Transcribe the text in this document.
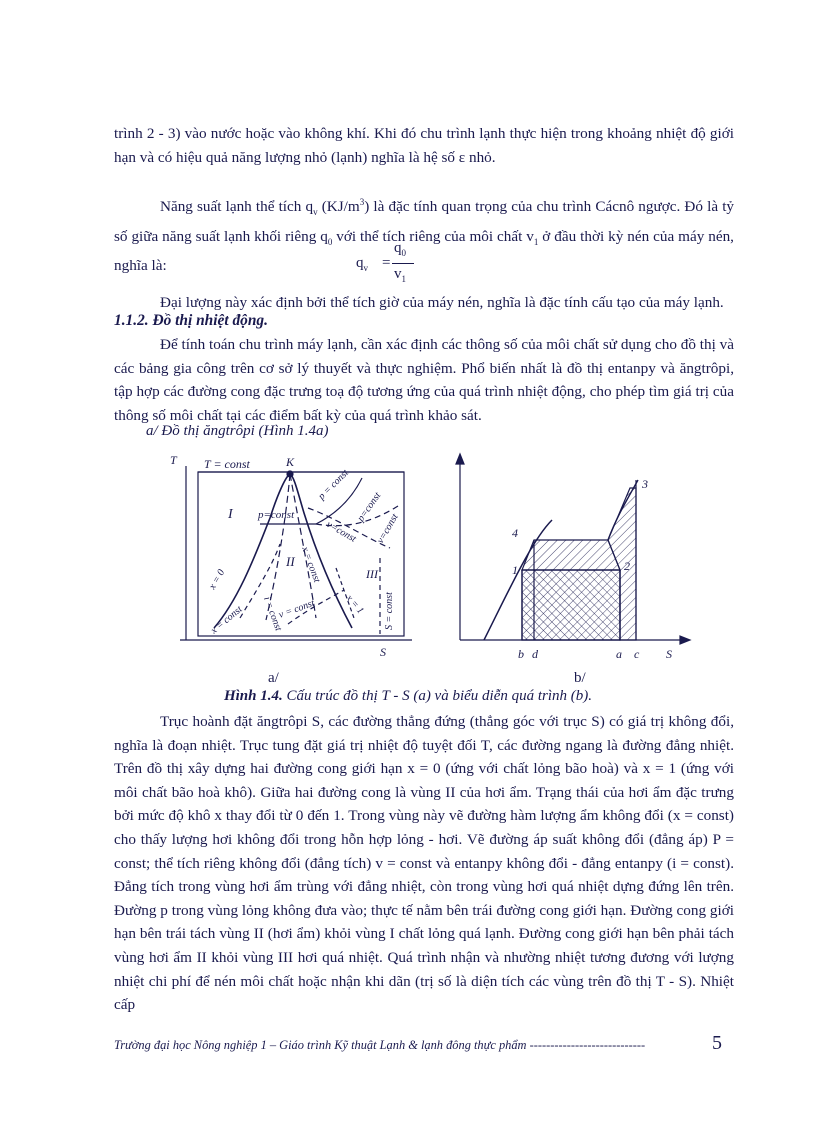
trình 2 - 3) vào nước hoặc vào không khí. Khi đó chu trình lạnh thực hiện trong khoảng nhiệt độ giới hạn và có hiệu quả năng lượng nhỏ (lạnh) nghĩa là hệ số ε nhỏ.
Năng suất lạnh thể tích $q_v$ $(KJ/m^3)$ là đặc tính quan trọng của chu trình Cácnô ngược. Đó là tỷ số giữa năng suất lạnh khối riêng $q_0$ với thể tích riêng của môi chất $v_1$ ở đầu thời kỳ nén của máy nén, nghĩa là:	$q_v$ =
$q_0$
$v_1$
Đại lượng này xác định bởi thể tích giờ của máy nén, nghĩa là đặc tính cấu tạo của máy lạnh.
1.1.2. Đồ thị nhiệt động.
Để tính toán chu trình máy lạnh, cần xác định các thông số của môi chất sử dụng cho đồ thị và các bảng gia công trên cơ sở lý thuyết và thực nghiệm. Phổ biến nhất là đồ thị entanpy và ăngtrôpi, tập hợp các đường cong đặc trưng toạ độ tương ứng của quá trình nhiệt động, cho phép tìm giá trị của thông số môi chất tại các điểm bất kỳ của quá trình khảo sát.
a/ Đồ thị ăngtrôpi (Hình 1.4a)
T
S
T = const	K
I
II
III
p=const
p = const
p=const
v=const v=const
x = 0
x = const
x = const
i = const
v = const	x = 1 S = const
4
1	2
3
b d	a c S
a/	b/
Hình 1.4. Cấu trúc đồ thị T - S (a) và biểu diễn quá trình (b).
Trục hoành đặt ăngtrôpi S, các đường thẳng đứng (thẳng góc với trục S) có giá trị không đổi, nghĩa là đoạn nhiệt. Trục tung đặt giá trị nhiệt độ tuyệt đối T, các đường ngang là đường đẳng nhiệt. Trên đồ thị xây dựng hai đường cong giới hạn x = 0 (ứng với chất lỏng bão hoà) và x = 1 (ứng với môi chất bão hoà khô). Giữa hai đường cong là vùng II của hơi ẩm. Trạng thái của hơi ẩm đặc trưng bởi mức độ khô x thay đổi từ 0 đến 1. Trong vùng này vẽ đường hàm lượng ẩm không đổi (x = const) cho thấy lượng hơi không đổi trong hỗn hợp lỏng - hơi. Vẽ đường áp suất không đổi (đẳng áp) P = const; thể tích riêng không đổi (đẳng tích) v = const và entanpy không đổi - đẳng entanpy (i = const). Đẳng tích trong vùng hơi ẩm trùng với đẳng nhiệt, còn trong vùng hơi quá nhiệt dựng đứng lên trên. Đường p trong vùng lỏng không đưa vào; thực tế nằm bên trái đường cong giới hạn. Đường cong giới hạn bên trái tách vùng II (hơi ẩm) khỏi vùng I chất lỏng quá lạnh. Đường cong giới hạn bên phải tách vùng hơi ẩm II khỏi vùng III hơi quá nhiệt. Quá trình nhận và nhường nhiệt tương đương với lượng nhiệt chi phí để nén môi chất hoặc nhận khi dãn (trị số là diện tích các vùng trên đồ thị T - S). Nhiệt cấp
Trường đại học Nông nghiệp 1 – Giáo trình Kỹ thuật Lạnh & lạnh đông thực phẩm ----------------------------	5
